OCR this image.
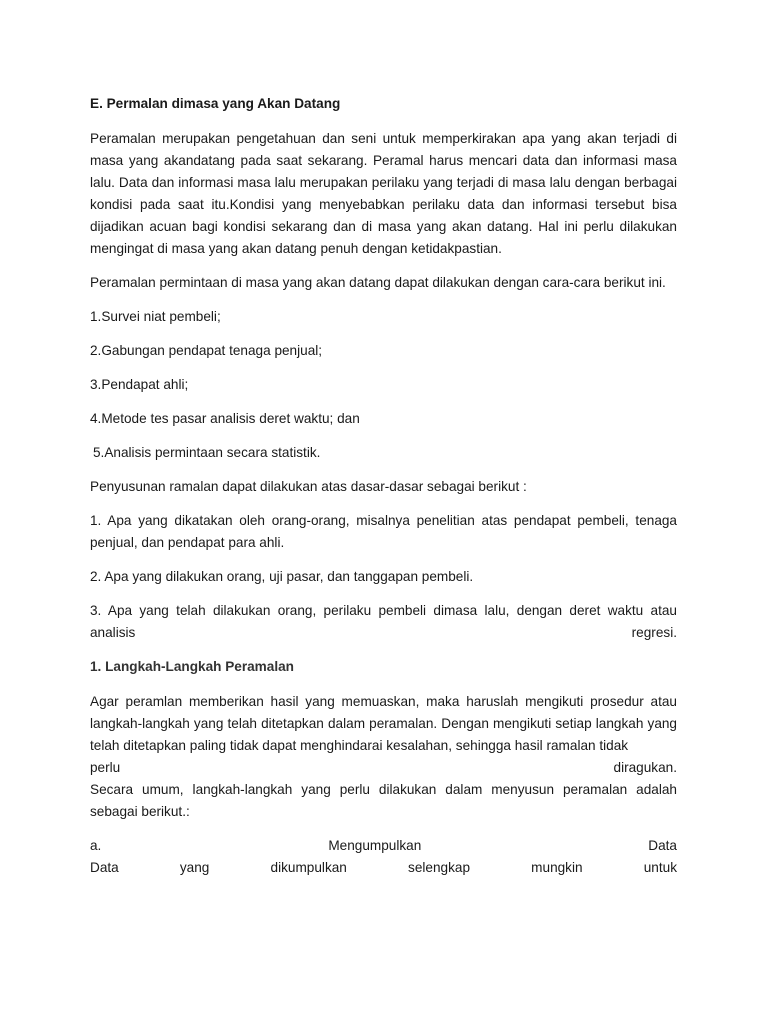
E. Permalan dimasa yang Akan Datang

Peramalan merupakan pengetahuan dan seni untuk memperkirakan apa yang akan terjadi di masa yang akandatang pada saat sekarang. Peramal harus mencari data dan informasi masa lalu. Data dan informasi masa lalu merupakan perilaku yang terjadi di masa lalu dengan berbagai kondisi pada saat itu.Kondisi yang menyebabkan perilaku data dan informasi tersebut bisa dijadikan acuan bagi kondisi sekarang dan di masa yang akan datang. Hal ini perlu dilakukan mengingat di masa yang akan datang penuh dengan ketidakpastian.

Peramalan permintaan di masa yang akan datang dapat dilakukan dengan cara-cara berikut ini.

1.Survei niat pembeli;

2.Gabungan pendapat tenaga penjual;

3.Pendapat ahli;

4.Metode tes pasar analisis deret waktu; dan

5.Analisis permintaan secara statistik.

Penyusunan ramalan dapat dilakukan atas dasar-dasar sebagai berikut :

1. Apa yang dikatakan oleh orang-orang, misalnya penelitian atas pendapat pembeli, tenaga penjual, dan pendapat para ahli.

2. Apa yang dilakukan orang, uji pasar, dan tanggapan pembeli.

3. Apa yang telah dilakukan orang, perilaku pembeli dimasa lalu, dengan deret waktu atau

analisis regresi.

1. Langkah-Langkah Peramalan

Agar peramlan memberikan hasil yang memuaskan, maka haruslah mengikuti prosedur atau langkah-langkah yang telah ditetapkan dalam peramalan. Dengan mengikuti setiap langkah yang telah ditetapkan paling tidak dapat menghindarai kesalahan, sehingga hasil ramalan tidak

perlu diragukan.

Secara umum, langkah-langkah yang perlu dilakukan dalam menyusun peramalan adalah sebagai berikut.:

a. Mengumpulkan Data

Data yang dikumpulkan selengkap mungkin untuk
